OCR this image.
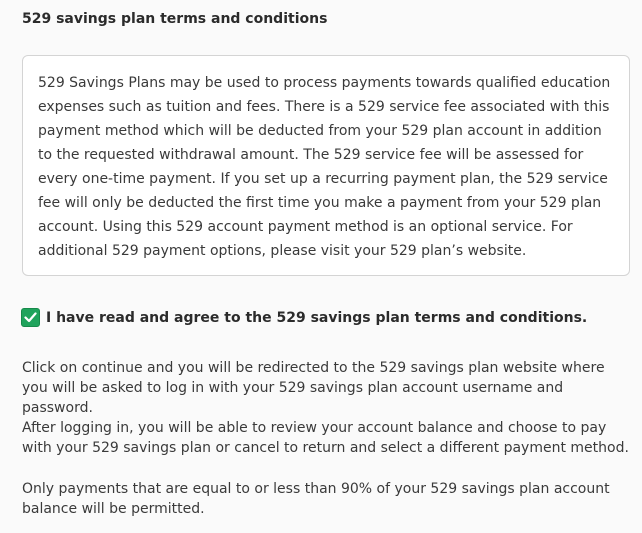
529 savings plan terms and conditions
529 Savings Plans may be used to process payments towards qualified education expenses such as tuition and fees. There is a 529 service fee associated with this payment method which will be deducted from your 529 plan account in addition to the requested withdrawal amount. The 529 service fee will be assessed for every one-time payment. If you set up a recurring payment plan, the 529 service fee will only be deducted the first time you make a payment from your 529 plan account. Using this 529 account payment method is an optional service. For additional 529 payment options, please visit your 529 plan’s website.
I have read and agree to the 529 savings plan terms and conditions.
Click on continue and you will be redirected to the 529 savings plan website where you will be asked to log in with your 529 savings plan account username and password.
After logging in, you will be able to review your account balance and choose to pay with your 529 savings plan or cancel to return and select a different payment method.
Only payments that are equal to or less than 90% of your 529 savings plan account balance will be permitted.
